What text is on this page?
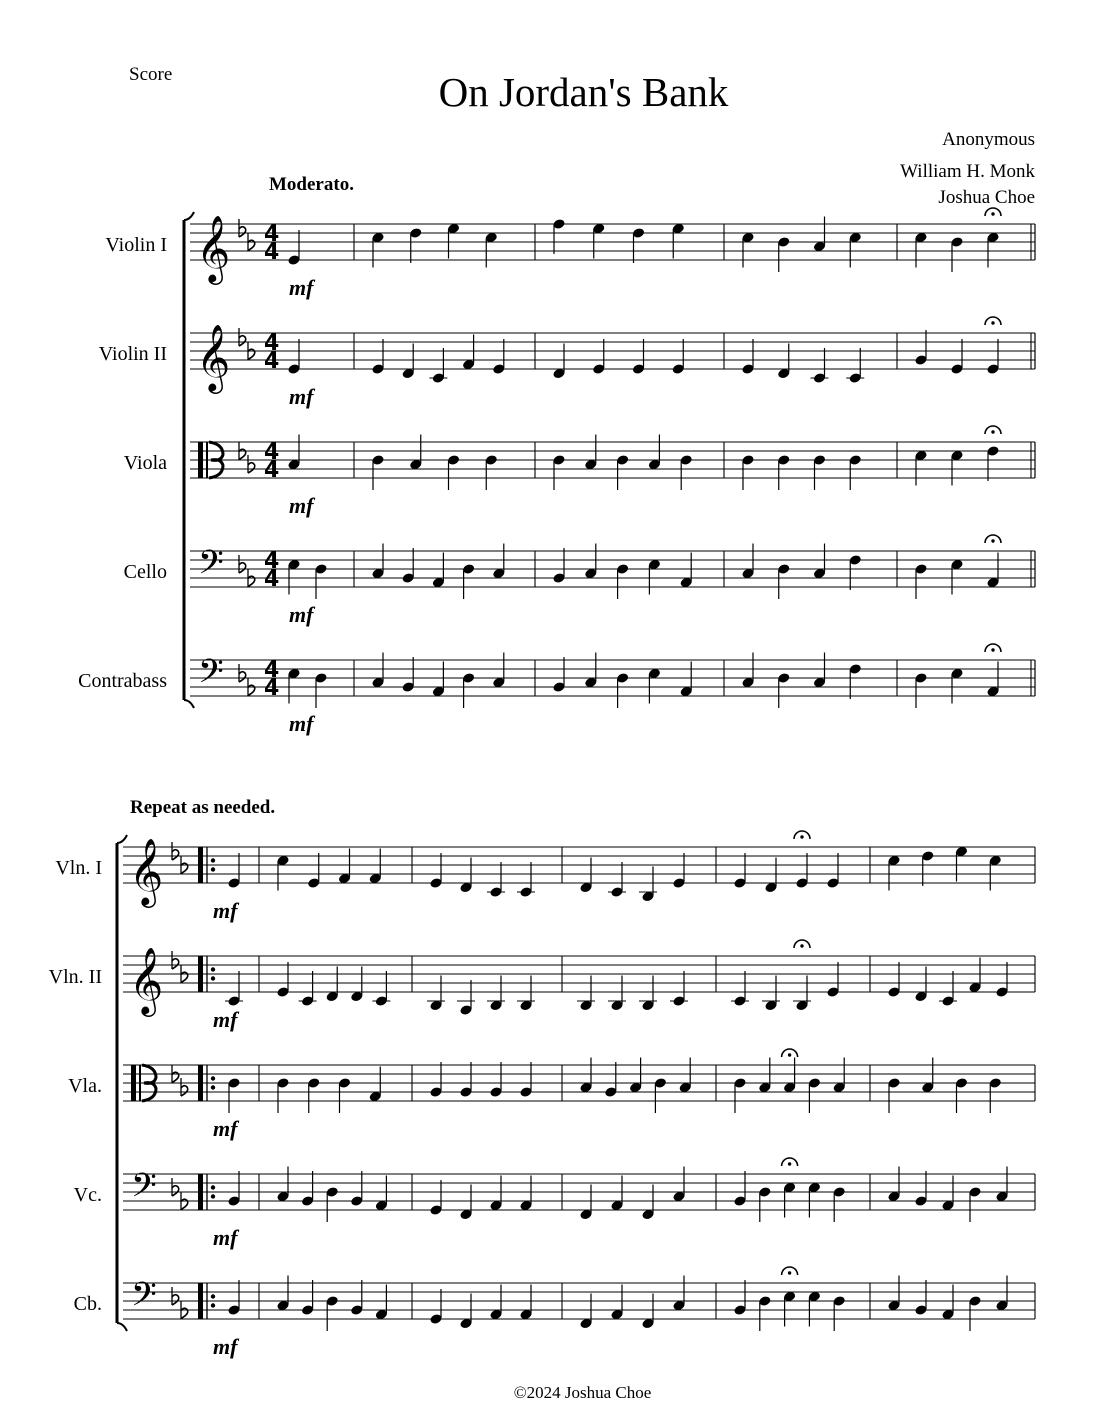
Score	On Jordan's Bank
Anonymous
William H. Monk
Joshua Choe
Moderato.
Violin I
Violin II
Viola
Cello
Contrabass
mf
mf
mf
mf
mf
Repeat as needed.
Vln. I
Vln. II
Vla.
Vc.
Cb.
mf
mf
mf
mf
mf
©2024 Joshua Choe
𝄞 4
4
𝄞 4
4
4
4
𝄢 4
4
𝄢 4
4
𝄞
𝄞
𝄢
𝄢
